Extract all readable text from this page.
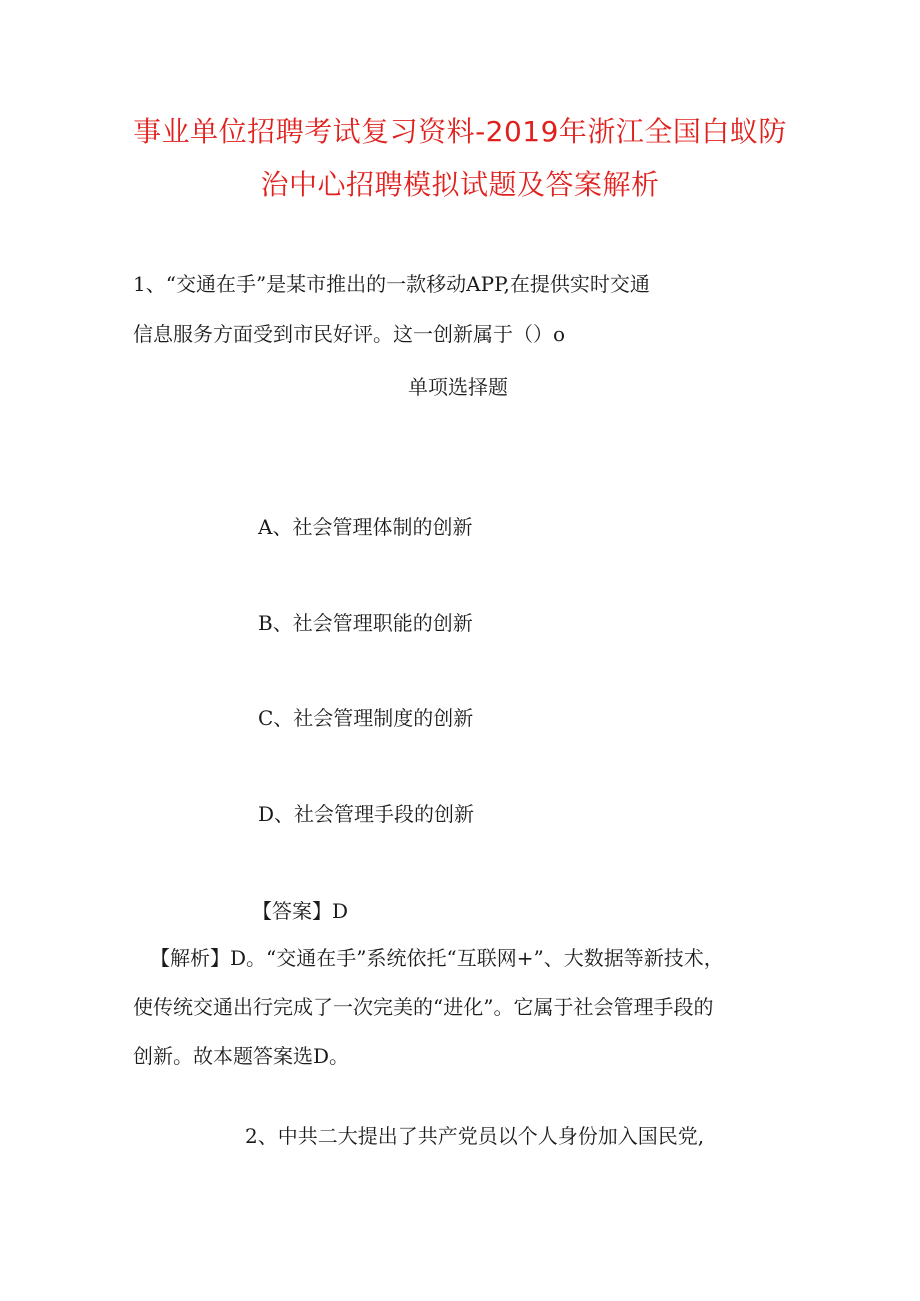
事业单位招聘考试复习资料-2019年浙江全国白蚁防
治中心招聘模拟试题及答案解析
1、“交通在手”是某市推出的一款移动APP,在提供实时交通
信息服务方面受到市民好评。这一创新属于（）o
单项选择题
A、社会管理体制的创新
B、社会管理职能的创新
C、社会管理制度的创新
D、社会管理手段的创新
【答案】D
【解析】D。“交通在手”系统依托“互联网+”、大数据等新技术，
使传统交通出行完成了一次完美的“进化”。它属于社会管理手段的
创新。故本题答案选D。
2、中共二大提出了共产党员以个人身份加入国民党,
